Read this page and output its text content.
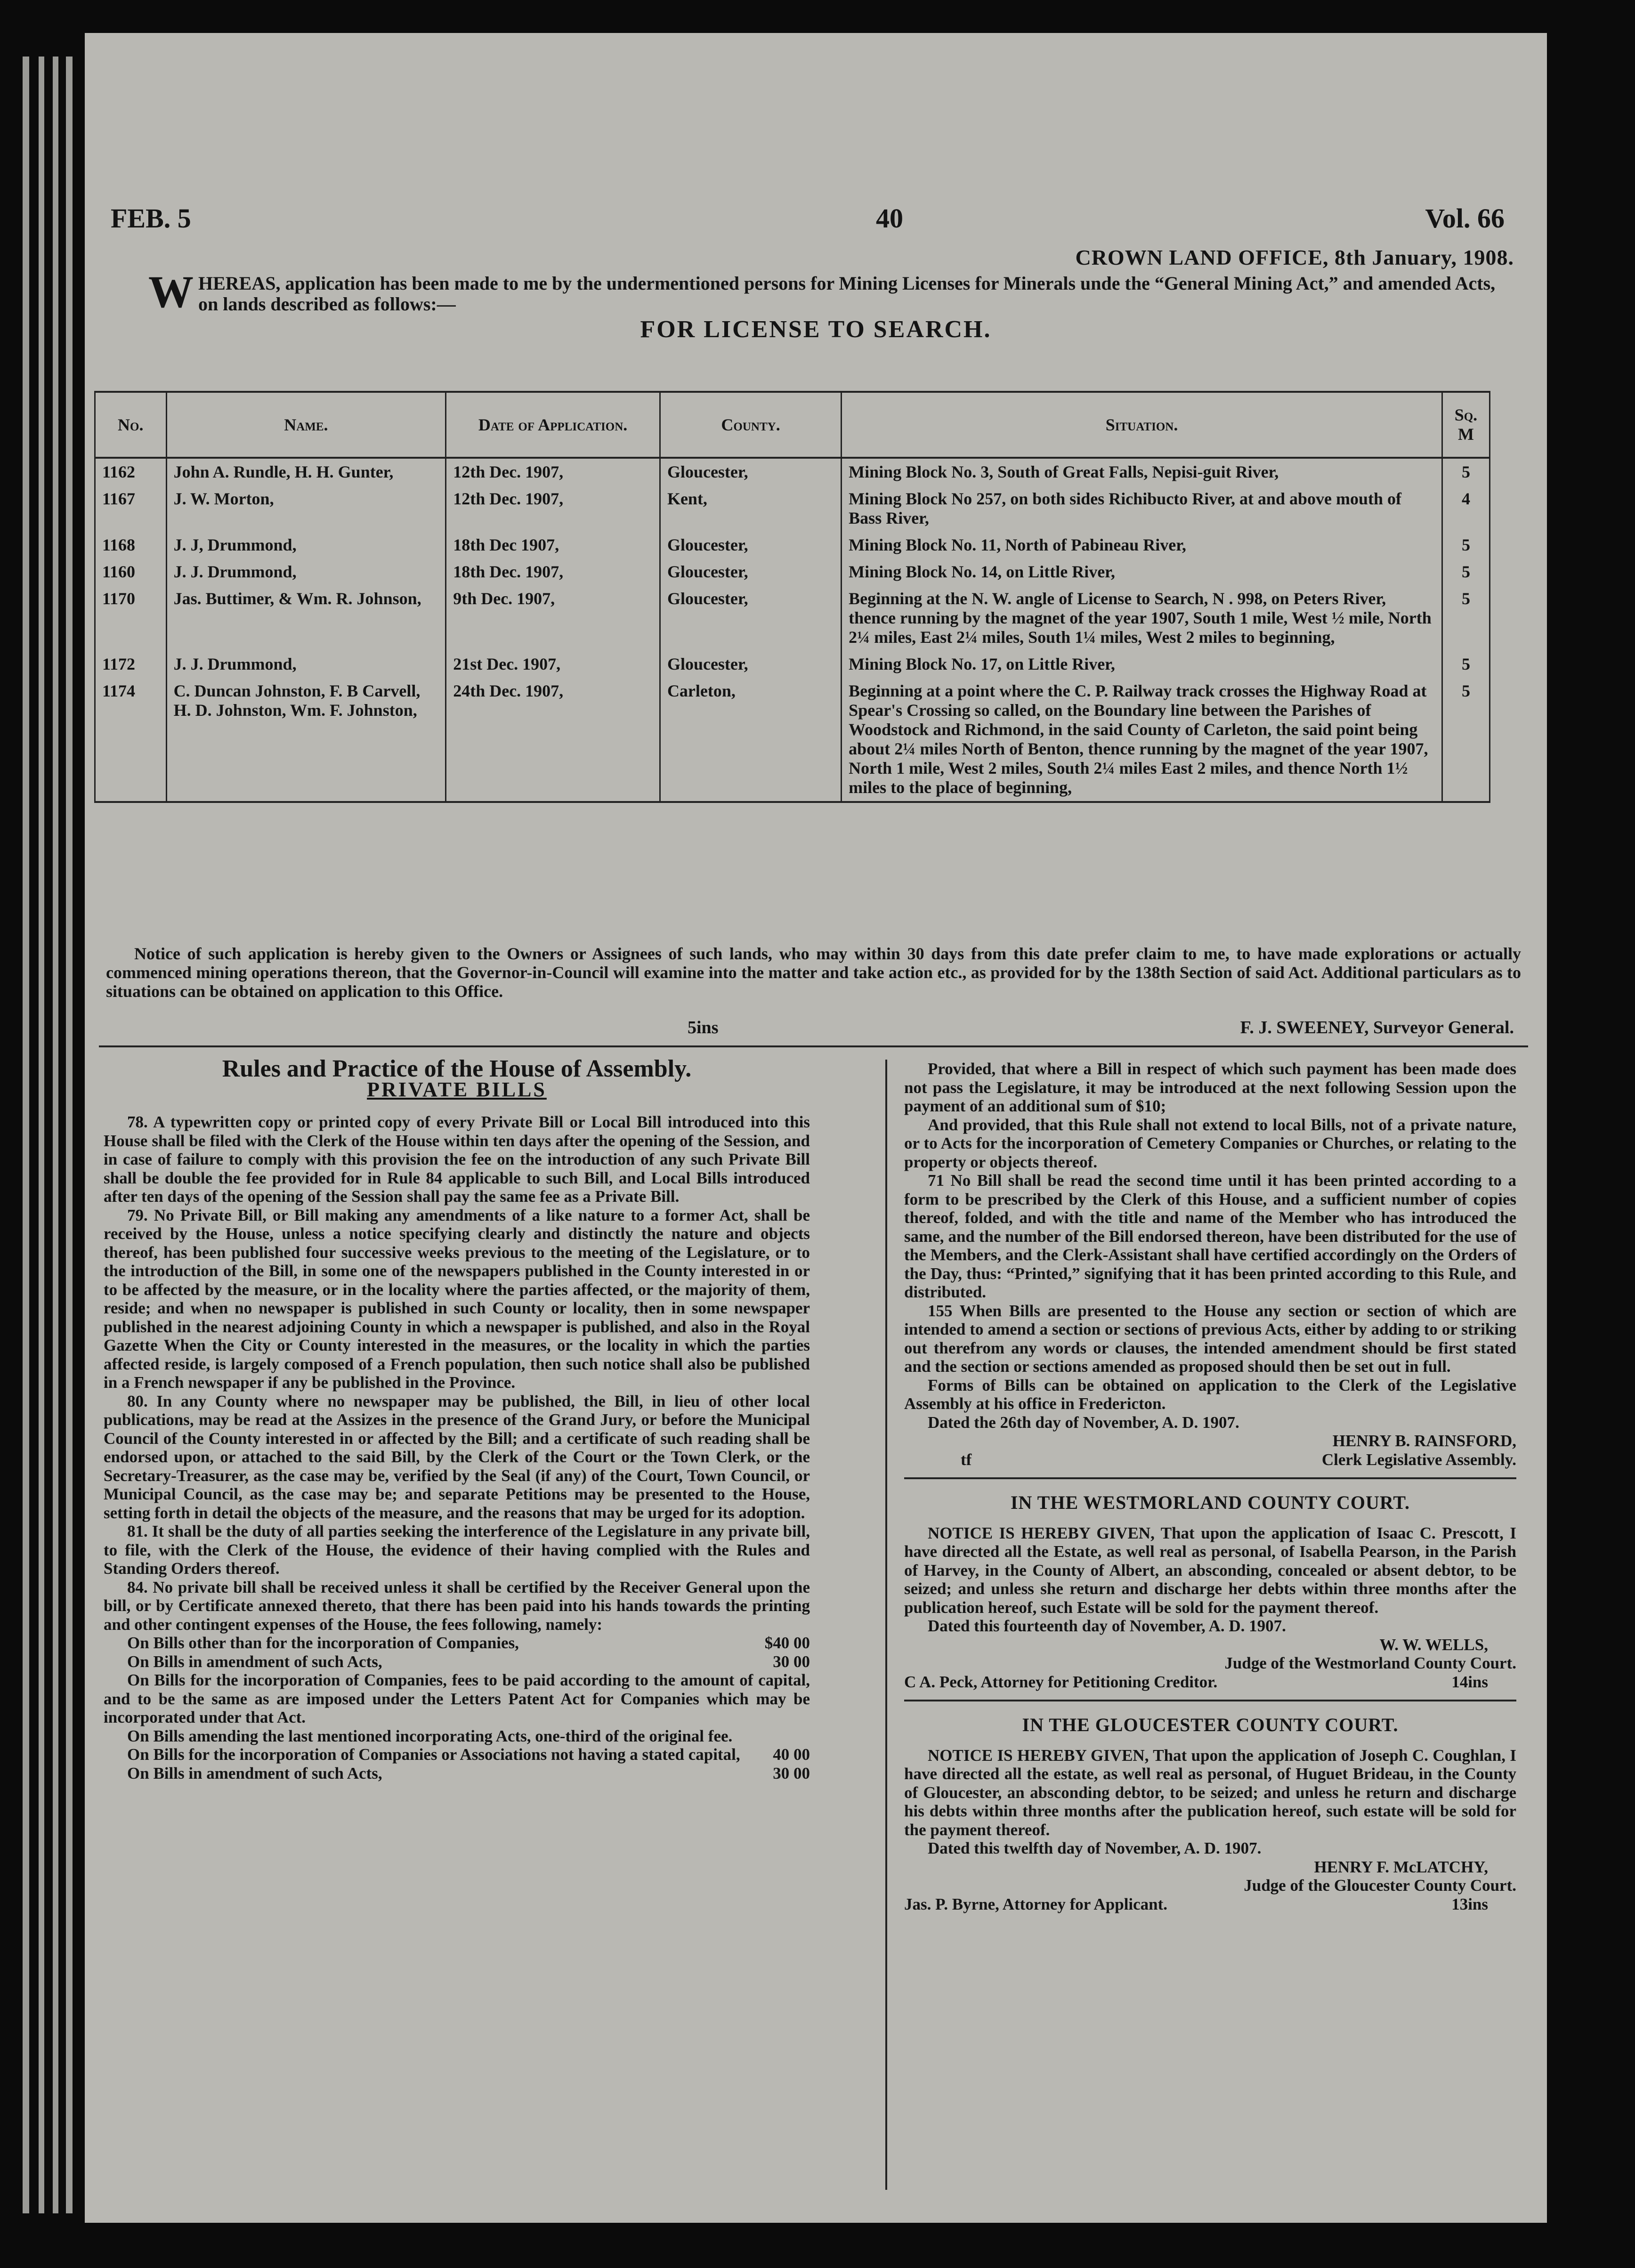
FEB. 5	40	Vol. 66
CROWN LAND OFFICE, 8th January, 1908.
WHEREAS, application has been made to me by the undermentioned persons for Mining Licenses for Minerals unde the “General Mining Act,” and amended Acts, on lands described as follows:—
FOR LICENSE TO SEARCH.
No.	Name.	Date of Application.	County.	Situation.	Sq. M
1162	John A. Rundle, H. H. Gunter,	12th Dec. 1907,	Gloucester,	Mining Block No. 3, South of Great Falls, Nepisi-guit River,	5
1167	J. W. Morton,	12th Dec. 1907,	Kent,	Mining Block No 257, on both sides Richibucto River, at and above mouth of Bass River,	4
1168	J. J, Drummond,	18th Dec 1907,	Gloucester,	Mining Block No. 11, North of Pabineau River,	5
1160	J. J. Drummond,	18th Dec. 1907,	Gloucester,	Mining Block No. 14, on Little River,	5
1170	Jas. Buttimer, & Wm. R. Johnson,	9th Dec. 1907,	Gloucester,	Beginning at the N. W. angle of License to Search, N . 998, on Peters River, thence running by the magnet of the year 1907, South 1 mile, West ½ mile, North 2¼ miles, East 2¼ miles, South 1¼ miles, West 2 miles to beginning,	5
1172	J. J. Drummond,	21st Dec. 1907,	Gloucester,	Mining Block No. 17, on Little River,	5
1174	C. Duncan Johnston, F. B Carvell, H. D. Johnston, Wm. F. Johnston,	24th Dec. 1907,	Carleton,	Beginning at a point where the C. P. Railway track crosses the Highway Road at Spear's Crossing so called, on the Boundary line between the Parishes of Woodstock and Richmond, in the said County of Carleton, the said point being about 2¼ miles North of Benton, thence running by the magnet of the year 1907, North 1 mile, West 2 miles, South 2¼ miles East 2 miles, and thence North 1½ miles to the place of beginning,	5
Notice of such application is hereby given to the Owners or Assignees of such lands, who may within 30 days from this date prefer claim to me, to have made explorations or actually commenced mining operations thereon, that the Governor-in-Council will examine into the matter and take action etc., as provided for by the 138th Section of said Act. Additional particulars as to situations can be obtained on application to this Office.
5ins	F. J. SWEENEY, Surveyor General.
Rules and Practice of the House of Assembly.
PRIVATE BILLS

78. A typewritten copy or printed copy of every Private Bill or Local Bill introduced into this House shall be filed with the Clerk of the House within ten days after the opening of the Session, and in case of failure to comply with this provision the fee on the introduction of any such Private Bill shall be double the fee provided for in Rule 84 applicable to such Bill, and Local Bills introduced after ten days of the opening of the Session shall pay the same fee as a Private Bill.

79. No Private Bill, or Bill making any amendments of a like nature to a former Act, shall be received by the House, unless a notice specifying clearly and distinctly the nature and objects thereof, has been published four successive weeks previous to the meeting of the Legislature, or to the introduction of the Bill, in some one of the newspapers published in the County interested in or to be affected by the measure, or in the locality where the parties affected, or the majority of them, reside; and when no newspaper is published in such County or locality, then in some newspaper published in the nearest adjoining County in which a newspaper is published, and also in the Royal Gazette When the City or County interested in the measures, or the locality in which the parties affected reside, is largely composed of a French population, then such notice shall also be published in a French newspaper if any be published in the Province.

80. In any County where no newspaper may be published, the Bill, in lieu of other local publications, may be read at the Assizes in the presence of the Grand Jury, or before the Municipal Council of the County interested in or affected by the Bill; and a certificate of such reading shall be endorsed upon, or attached to the said Bill, by the Clerk of the Court or the Town Clerk, or the Secretary-Treasurer, as the case may be, verified by the Seal (if any) of the Court, Town Council, or Municipal Council, as the case may be; and separate Petitions may be presented to the House, setting forth in detail the objects of the measure, and the reasons that may be urged for its adoption.

81. It shall be the duty of all parties seeking the interference of the Legislature in any private bill, to file, with the Clerk of the House, the evidence of their having complied with the Rules and Standing Orders thereof.

84. No private bill shall be received unless it shall be certified by the Receiver General upon the bill, or by Certificate annexed thereto, that there has been paid into his hands towards the printing and other contingent expenses of the House, the fees following, namely:

On Bills other than for the incorporation of Companies,	$40 00
On Bills in amendment of such Acts,	30 00

On Bills for the incorporation of Companies, fees to be paid according to the amount of capital, and to be the same as are imposed under the Letters Patent Act for Companies which may be incorporated under that Act.

On Bills amending the last mentioned incorporating Acts, one-third of the original fee.

On Bills for the incorporation of Companies or Associations not having a stated capital,	40 00
On Bills in amendment of such Acts,	30 00

Provided, that where a Bill in respect of which such payment has been made does not pass the Legislature, it may be introduced at the next following Session upon the payment of an additional sum of $10;

And provided, that this Rule shall not extend to local Bills, not of a private nature, or to Acts for the incorporation of Cemetery Companies or Churches, or relating to the property or objects thereof.

71 No Bill shall be read the second time until it has been printed according to a form to be prescribed by the Clerk of this House, and a sufficient number of copies thereof, folded, and with the title and name of the Member who has introduced the same, and the number of the Bill endorsed thereon, have been distributed for the use of the Members, and the Clerk-Assistant shall have certified accordingly on the Orders of the Day, thus: “Printed,” signifying that it has been printed according to this Rule, and distributed.

155 When Bills are presented to the House any section or section of which are intended to amend a section or sections of previous Acts, either by adding to or striking out therefrom any words or clauses, the intended amendment should be first stated and the section or sections amended as proposed should then be set out in full.

Forms of Bills can be obtained on application to the Clerk of the Legislative Assembly at his office in Fredericton.

Dated the 26th day of November, A. D. 1907.

HENRY B. RAINSFORD,

tf	Clerk Legislative Assembly.
IN THE WESTMORLAND COUNTY COURT.

NOTICE IS HEREBY GIVEN, That upon the application of Isaac C. Prescott, I have directed all the Estate, as well real as personal, of Isabella Pearson, in the Parish of Harvey, in the County of Albert, an absconding, concealed or absent debtor, to be seized; and unless she return and discharge her debts within three months after the publication hereof, such Estate will be sold for the payment thereof.

Dated this fourteenth day of November, A. D. 1907.

W. W. WELLS,

Judge of the Westmorland County Court.

C A. Peck, Attorney for Petitioning Creditor.	14ins
IN THE GLOUCESTER COUNTY COURT.

NOTICE IS HEREBY GIVEN, That upon the application of Joseph C. Coughlan, I have directed all the estate, as well real as personal, of Huguet Brideau, in the County of Gloucester, an absconding debtor, to be seized; and unless he return and discharge his debts within three months after the publication hereof, such estate will be sold for the payment thereof.

Dated this twelfth day of November, A. D. 1907.

HENRY F. McLATCHY,

Judge of the Gloucester County Court.

Jas. P. Byrne, Attorney for Applicant.	13ins
